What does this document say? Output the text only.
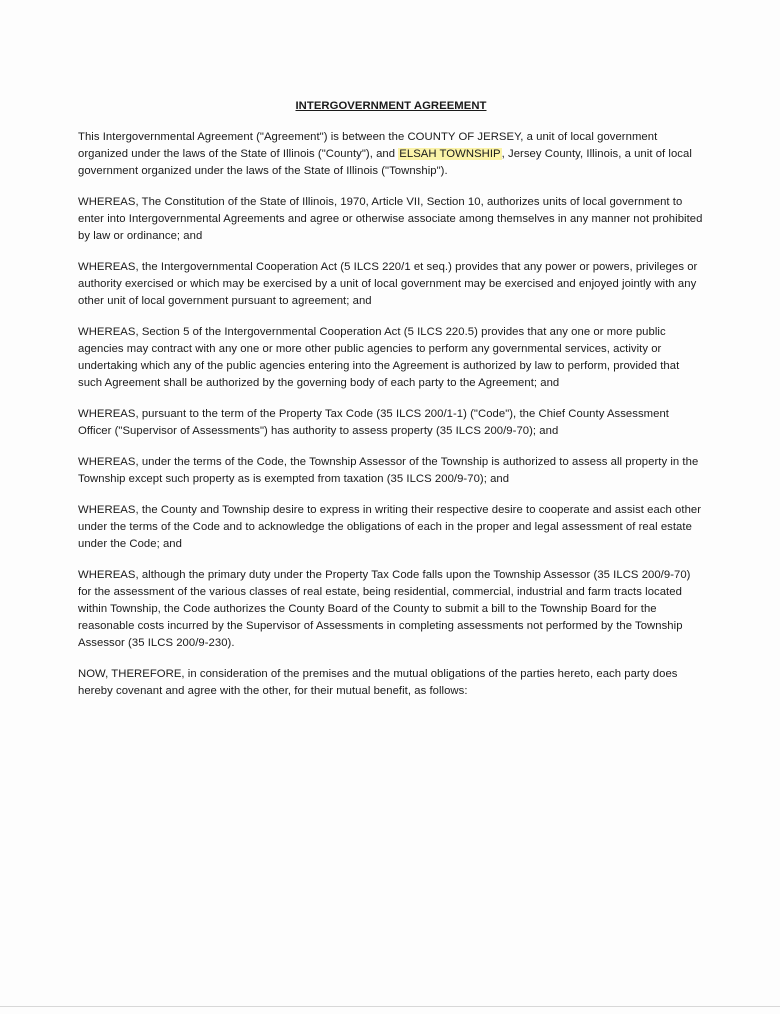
INTERGOVERNMENT AGREEMENT

This Intergovernmental Agreement ("Agreement") is between the COUNTY OF JERSEY, a unit of local government organized under the laws of the State of Illinois ("County"), and ELSAH TOWNSHIP, Jersey County, Illinois, a unit of local government organized under the laws of the State of Illinois ("Township").

WHEREAS, The Constitution of the State of Illinois, 1970, Article VII, Section 10, authorizes units of local government to enter into Intergovernmental Agreements and agree or otherwise associate among themselves in any manner not prohibited by law or ordinance; and

WHEREAS, the Intergovernmental Cooperation Act (5 ILCS 220/1 et seq.) provides that any power or powers, privileges or authority exercised or which may be exercised by a unit of local government may be exercised and enjoyed jointly with any other unit of local government pursuant to agreement; and

WHEREAS, Section 5 of the Intergovernmental Cooperation Act (5 ILCS 220.5) provides that any one or more public agencies may contract with any one or more other public agencies to perform any governmental services, activity or undertaking which any of the public agencies entering into the Agreement is authorized by law to perform, provided that such Agreement shall be authorized by the governing body of each party to the Agreement; and

WHEREAS, pursuant to the term of the Property Tax Code (35 ILCS 200/1-1) ("Code"), the Chief County Assessment Officer ("Supervisor of Assessments") has authority to assess property (35 ILCS 200/9-70); and

WHEREAS, under the terms of the Code, the Township Assessor of the Township is authorized to assess all property in the Township except such property as is exempted from taxation (35 ILCS 200/9-70); and

WHEREAS, the County and Township desire to express in writing their respective desire to cooperate and assist each other under the terms of the Code and to acknowledge the obligations of each in the proper and legal assessment of real estate under the Code; and

WHEREAS, although the primary duty under the Property Tax Code falls upon the Township Assessor (35 ILCS 200/9-70) for the assessment of the various classes of real estate, being residential, commercial, industrial and farm tracts located within Township, the Code authorizes the County Board of the County to submit a bill to the Township Board for the reasonable costs incurred by the Supervisor of Assessments in completing assessments not performed by the Township Assessor (35 ILCS 200/9-230).

NOW, THEREFORE, in consideration of the premises and the mutual obligations of the parties hereto, each party does hereby covenant and agree with the other, for their mutual benefit, as follows:
